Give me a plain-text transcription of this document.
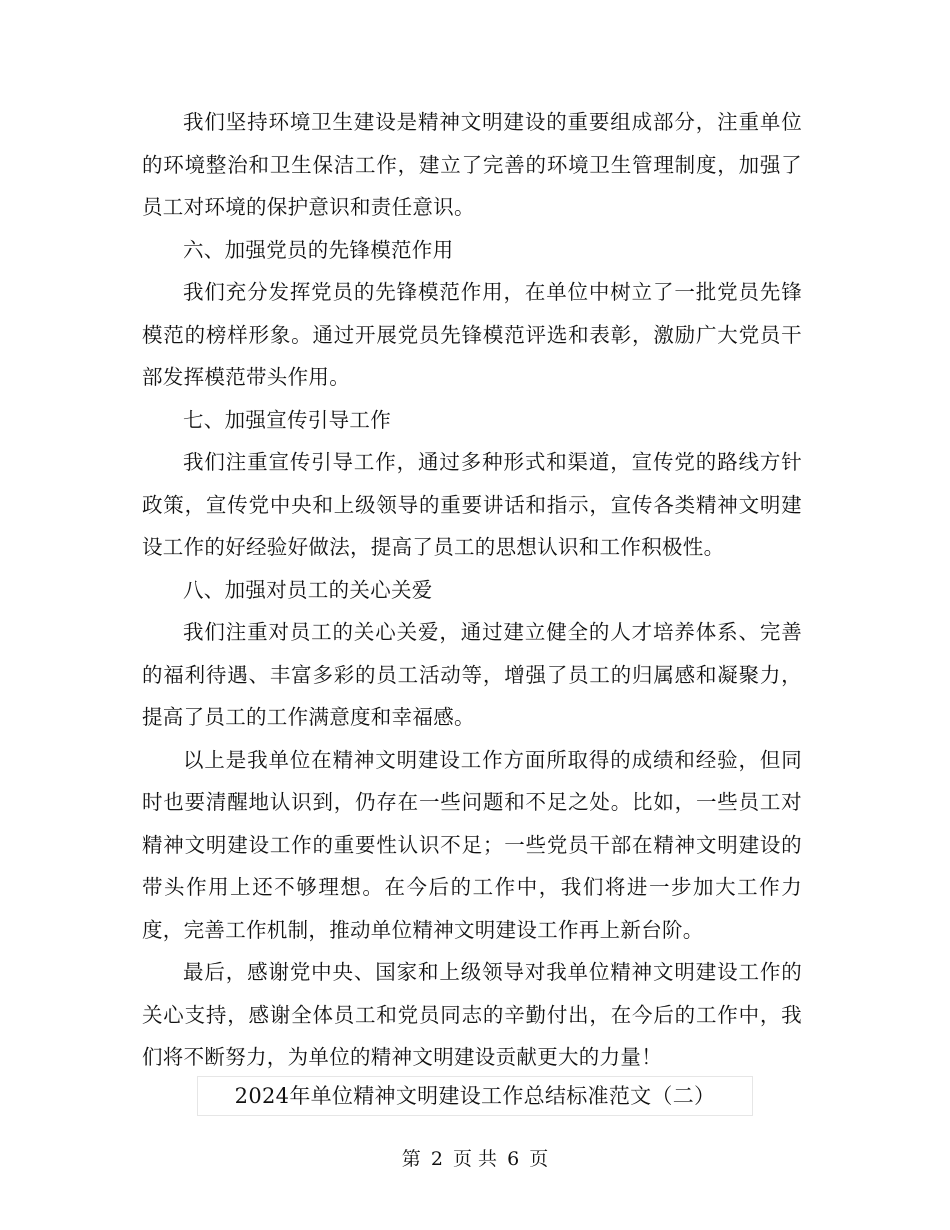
我们坚持环境卫生建设是精神文明建设的重要组成部分，注重单位的环境整治和卫生保洁工作，建立了完善的环境卫生管理制度，加强了员工对环境的保护意识和责任意识。

六、加强党员的先锋模范作用

我们充分发挥党员的先锋模范作用，在单位中树立了一批党员先锋模范的榜样形象。通过开展党员先锋模范评选和表彰，激励广大党员干部发挥模范带头作用。

七、加强宣传引导工作

我们注重宣传引导工作，通过多种形式和渠道，宣传党的路线方针政策，宣传党中央和上级领导的重要讲话和指示，宣传各类精神文明建设工作的好经验好做法，提高了员工的思想认识和工作积极性。

八、加强对员工的关心关爱

我们注重对员工的关心关爱，通过建立健全的人才培养体系、完善的福利待遇、丰富多彩的员工活动等，增强了员工的归属感和凝聚力，提高了员工的工作满意度和幸福感。

以上是我单位在精神文明建设工作方面所取得的成绩和经验，但同时也要清醒地认识到，仍存在一些问题和不足之处。比如，一些员工对精神文明建设工作的重要性认识不足；一些党员干部在精神文明建设的带头作用上还不够理想。在今后的工作中，我们将进一步加大工作力度，完善工作机制，推动单位精神文明建设工作再上新台阶。

最后，感谢党中央、国家和上级领导对我单位精神文明建设工作的关心支持，感谢全体员工和党员同志的辛勤付出，在今后的工作中，我们将不断努力，为单位的精神文明建设贡献更大的力量！

2024年单位精神文明建设工作总结标准范文（二）
第 2 页 共 6 页
